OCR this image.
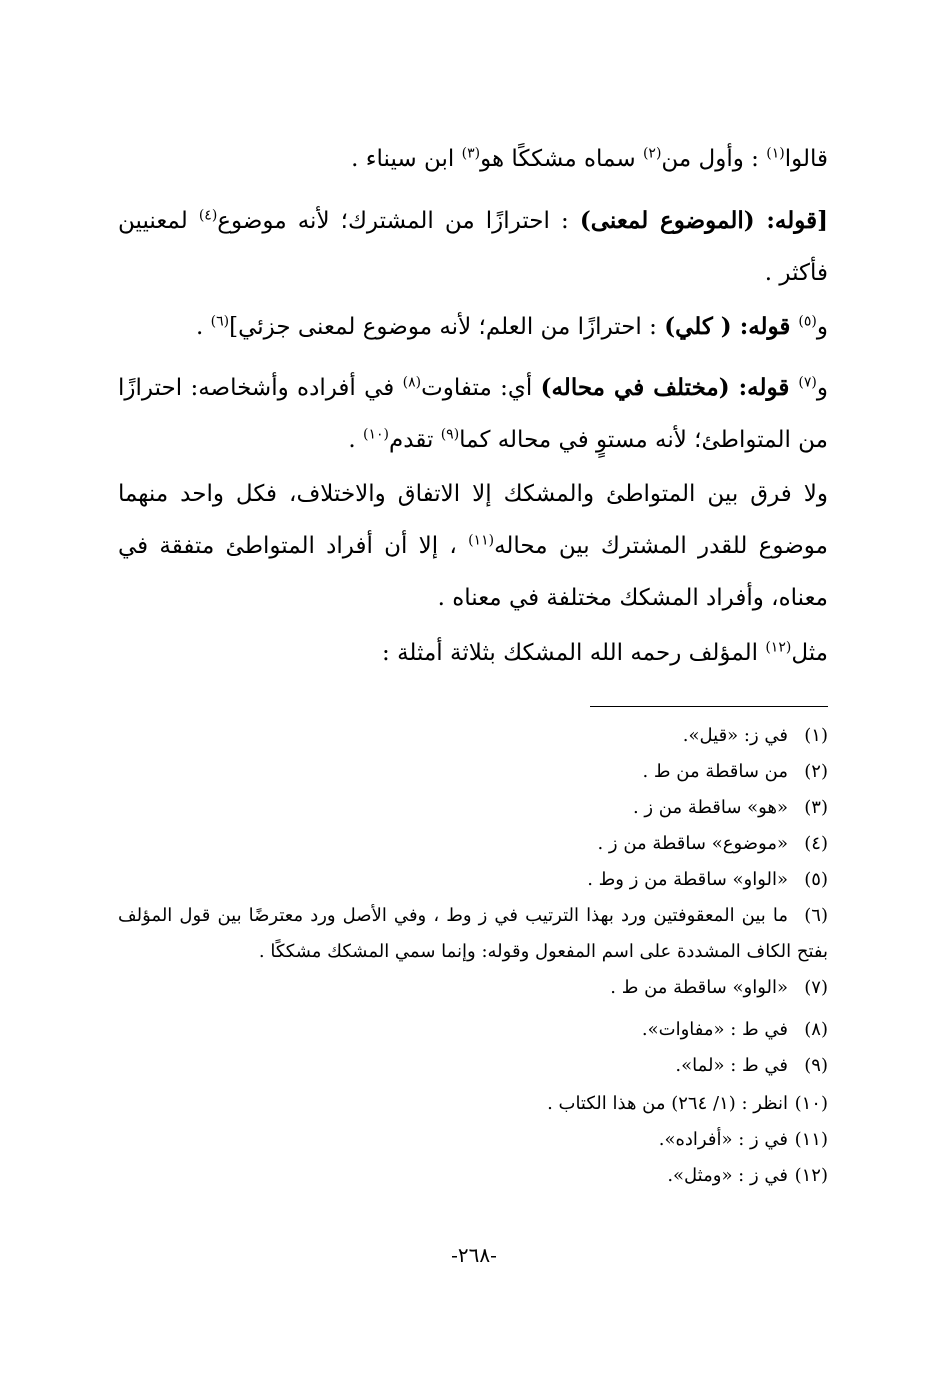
قالوا$^{(١)}$ : وأول من$^{(٢)}$ سماه مشككًا هو$^{(٣)}$ ابن سيناء .

[قوله: (الموضوع لمعنى) : احترازًا من المشترك؛ لأنه موضوع$^{(٤)}$ لمعنيين فأكثر .

و$^{(٥)}$ قوله: ( كلي) : احترازًا من العلم؛ لأنه موضوع لمعنى جزئي]$^{(٦)}$ .

و$^{(٧)}$ قوله: (مختلف في محاله) أي: متفاوت$^{(٨)}$ في أفراده وأشخاصه: احترازًا من المتواطئ؛ لأنه مستوٍ في محاله كما$^{(٩)}$ تقدم$^{(١٠)}$ .

ولا فرق بين المتواطئ والمشكك إلا الاتفاق والاختلاف، فكل واحد منهما موضوع للقدر المشترك بين محاله$^{(١١)}$ ، إلا أن أفراد المتواطئ متفقة في معناه، وأفراد المشكك مختلفة في معناه .

مثل$^{(١٢)}$ المؤلف رحمه الله المشكك بثلاثة أمثلة :

(١)في ز: «قيل».
(٢)من ساقطة من ط .
(٣)«هو» ساقطة من ز .
(٤)«موضوع» ساقطة من ز .
(٥)«الواو» ساقطة من ز وط .
(٦)ما بين المعقوفتين ورد بهذا الترتيب في ز وط ، وفي الأصل ورد معترضًا بين قول المؤلف بفتح الكاف المشددة على اسم المفعول وقوله: وإنما سمي المشكك مشككًا .
(٧)«الواو» ساقطة من ط .
(٨)في ط : «مفاوات».
(٩)في ط : «لما».
(١٠)انظر : (١/ ٢٦٤) من هذا الكتاب .
(١١)في ز : «أفراده».
(١٢)في ز : «ومثل».
-٢٦٨-
